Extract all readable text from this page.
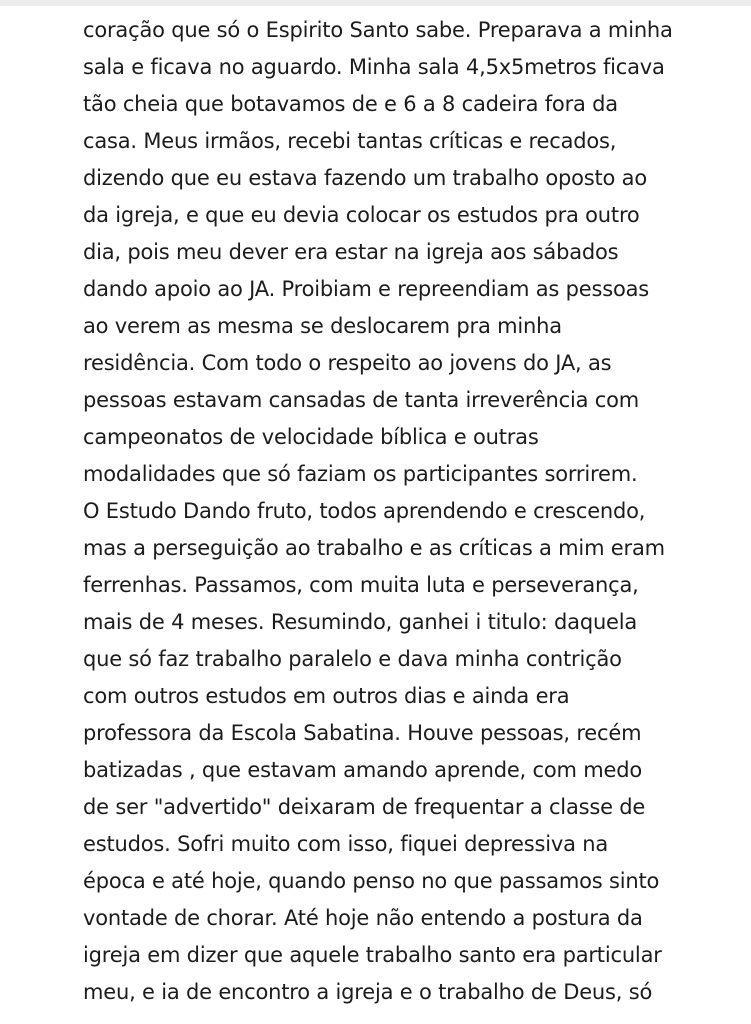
coração que só o Espirito Santo sabe. Preparava a minha
sala e ficava no aguardo. Minha sala 4,5x5metros ficava
tão cheia que botavamos de e 6 a 8 cadeira fora da
casa. Meus irmãos, recebi tantas críticas e recados,
dizendo que eu estava fazendo um trabalho oposto ao
da igreja, e que eu devia colocar os estudos pra outro
dia, pois meu dever era estar na igreja aos sábados
dando apoio ao JA. Proibiam e repreendiam as pessoas
ao verem as mesma se deslocarem pra minha
residência. Com todo o respeito ao jovens do JA, as
pessoas estavam cansadas de tanta irreverência com
campeonatos de velocidade bíblica e outras
modalidades que só faziam os participantes sorrirem.
O Estudo Dando fruto, todos aprendendo e crescendo,
mas a perseguição ao trabalho e as críticas a mim eram
ferrenhas. Passamos, com muita luta e perseverança,
mais de 4 meses. Resumindo, ganhei i titulo: daquela
que só faz trabalho paralelo e dava minha contrição
com outros estudos em outros dias e ainda era
professora da Escola Sabatina. Houve pessoas, recém
batizadas , que estavam amando aprende, com medo
de ser "advertido" deixaram de frequentar a classe de
estudos. Sofri muito com isso, fiquei depressiva na
época e até hoje, quando penso no que passamos sinto
vontade de chorar. Até hoje não entendo a postura da
igreja em dizer que aquele trabalho santo era particular
meu, e ia de encontro a igreja e o trabalho de Deus, só
